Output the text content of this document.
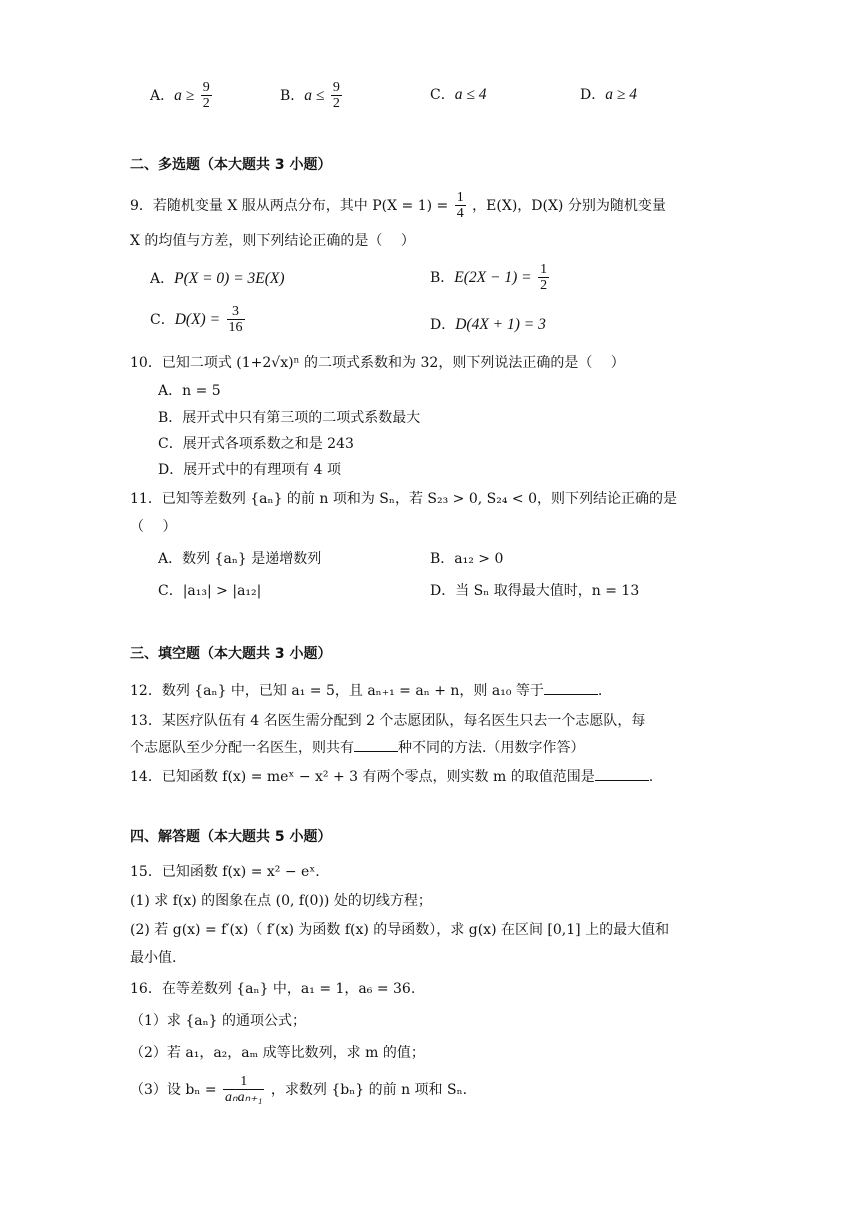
A．$a \ge \frac{9}{2}$	B．$a \le \frac{9}{2}$	C．a ≤ 4	D．a ≥ 4
二、多选题（本大题共 3 小题）
9．若随机变量 X 服从两点分布，其中 $P(X = 1) = \frac{1}{4}$ ，E(X)，D(X) 分别为随机变量
X 的均值与方差，则下列结论正确的是（　 ）
A．P(X = 0) = 3E(X)	B．$E(2X - 1) = \frac{1}{2}$
C．$D(X) = \frac{3}{16}$	D．D(4X + 1) = 3
10．已知二项式 (1+2√x)ⁿ 的二项式系数和为 32，则下列说法正确的是（　 ）
A．n = 5
B．展开式中只有第三项的二项式系数最大
C．展开式各项系数之和是 243
D．展开式中的有理项有 4 项
11．已知等差数列 {aₙ} 的前 n 项和为 Sₙ，若 S₂₃ > 0, S₂₄ < 0，则下列结论正确的是
（　 ）
A．数列 {aₙ} 是递增数列	B．a₁₂ > 0
C．|a₁₃| > |a₁₂|	D．当 Sₙ 取得最大值时，n = 13
三、填空题（本大题共 3 小题）
12．数列 {aₙ} 中，已知 a₁ = 5，且 aₙ₊₁ = aₙ + n，则 a₁₀ 等于	.
13．某医疗队伍有 4 名医生需分配到 2 个志愿团队，每名医生只去一个志愿队，每
个志愿队至少分配一名医生，则共有	种不同的方法.（用数字作答）
14．已知函数 f(x) = meˣ − x² + 3 有两个零点，则实数 m 的取值范围是	.
四、解答题（本大题共 5 小题）
15．已知函数 f(x) = x² − eˣ.
(1) 求 f(x) 的图象在点 (0, f(0)) 处的切线方程；
(2) 若 g(x) = f′(x)（ f′(x) 为函数 f(x) 的导函数），求 g(x) 在区间 [0,1] 上的最大值和
最小值.
16．在等差数列 {aₙ} 中，a₁ = 1，a₆ = 36.
（1）求 {aₙ} 的通项公式；
（2）若 a₁，a₂，aₘ 成等比数列，求 m 的值；
（3）设 $b_n = \frac{1}{\text{aₙaₙ₊₁}}$ ，求数列 {bₙ} 的前 n 项和 Sₙ.
